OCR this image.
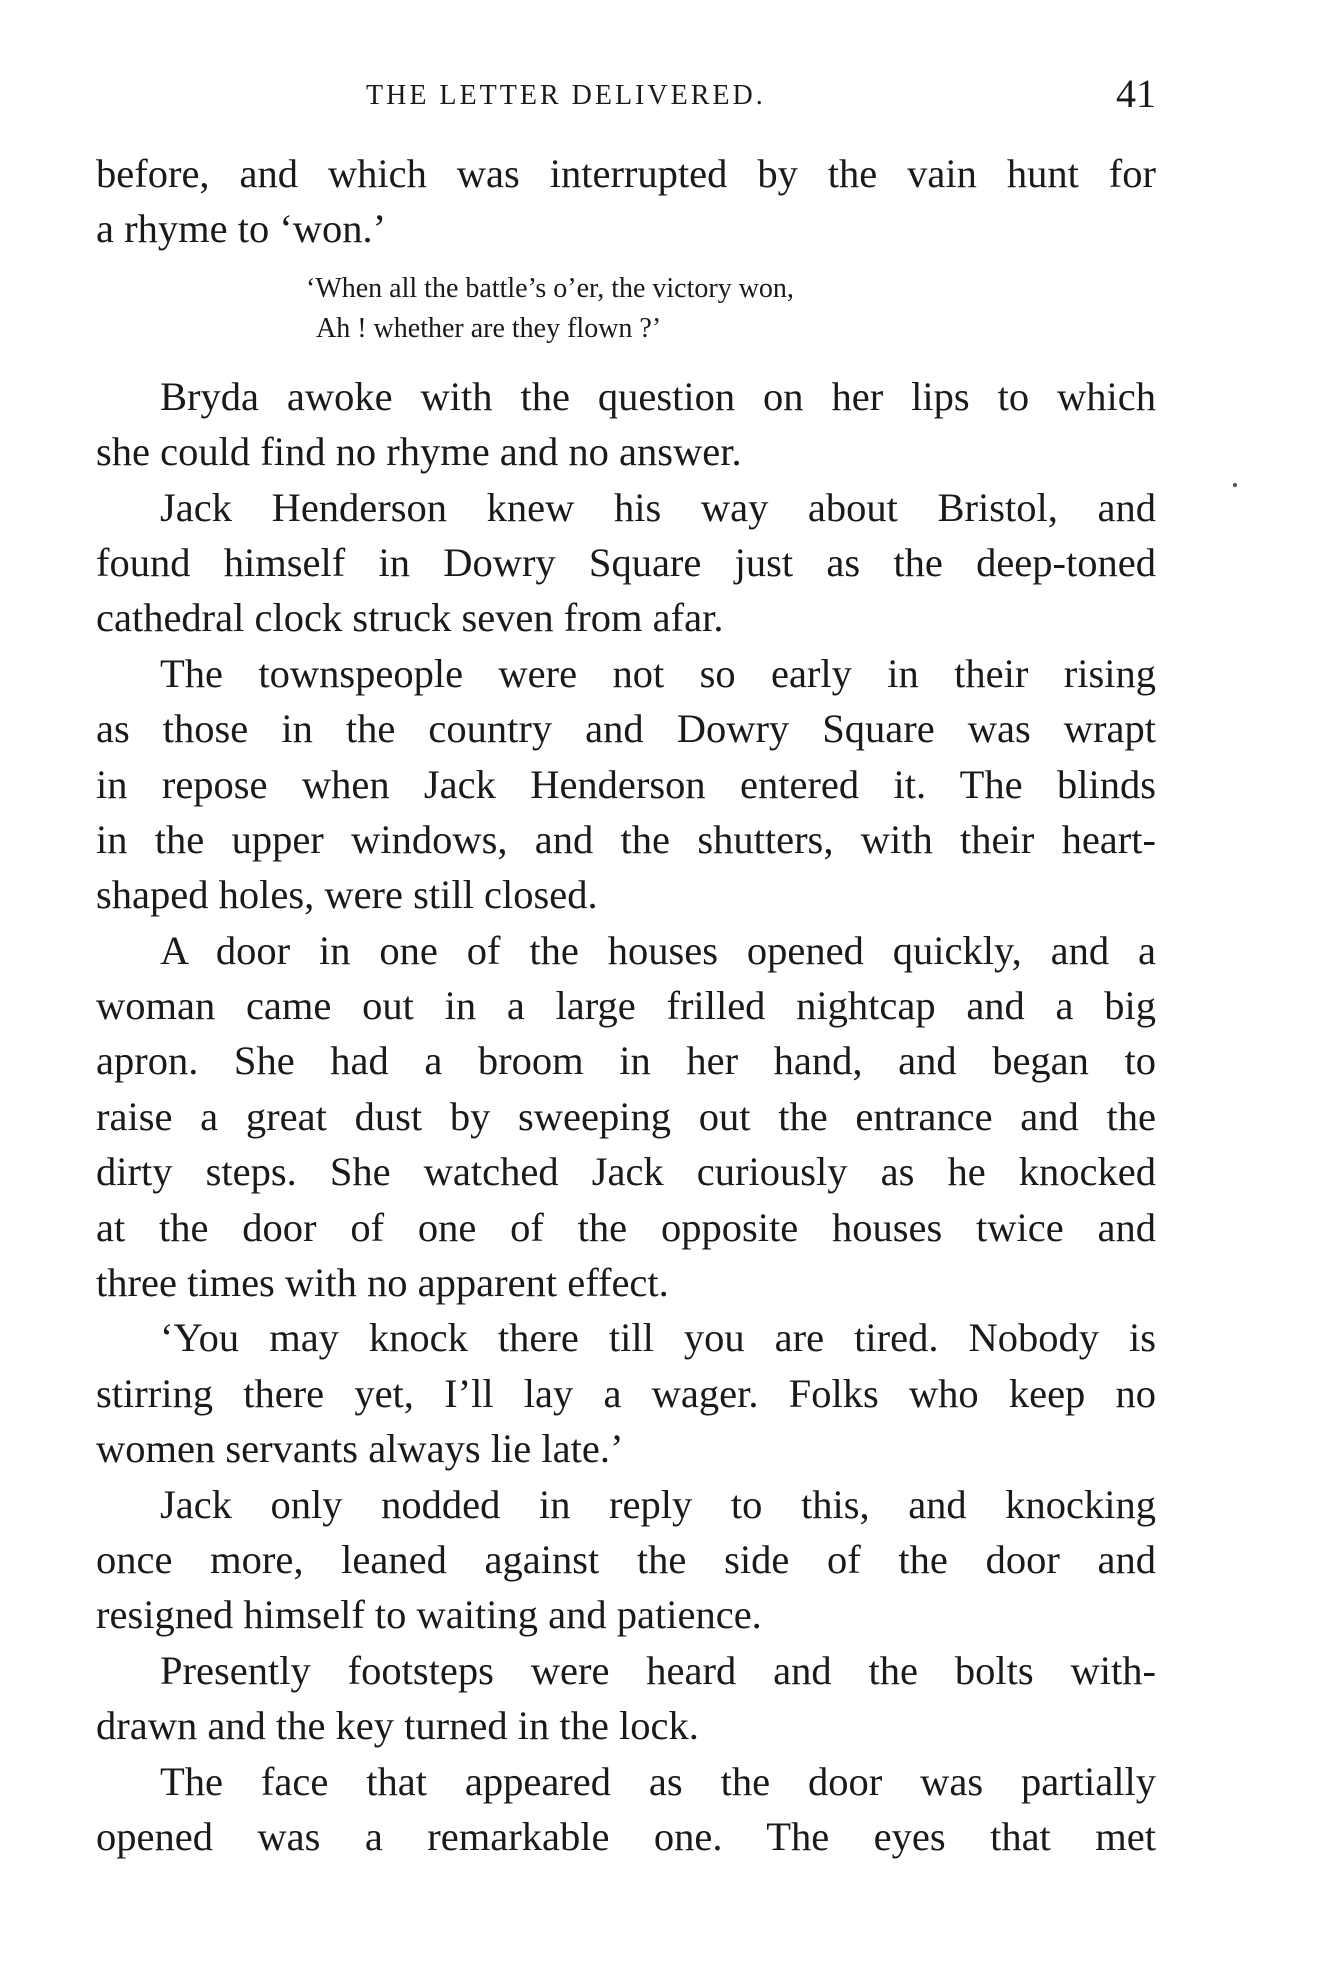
THE LETTER DELIVERED.	41
before, and which was interrupted by the vain hunt for
a rhyme to ‘won.’
‘When all the battle’s o’er, the victory won,
Ah ! whether are they flown ?’
Bryda awoke with the question on her lips to which
she could find no rhyme and no answer.
Jack Henderson knew his way about Bristol, and
found himself in Dowry Square just as the deep-toned
cathedral clock struck seven from afar.
The townspeople were not so early in their rising
as those in the country and Dowry Square was wrapt
in repose when Jack Henderson entered it. The blinds
in the upper windows, and the shutters, with their heart-
shaped holes, were still closed.
A door in one of the houses opened quickly, and a
woman came out in a large frilled nightcap and a big
apron. She had a broom in her hand, and began to
raise a great dust by sweeping out the entrance and the
dirty steps. She watched Jack curiously as he knocked
at the door of one of the opposite houses twice and
three times with no apparent effect.
‘You may knock there till you are tired. Nobody is
stirring there yet, I’ll lay a wager. Folks who keep no
women servants always lie late.’
Jack only nodded in reply to this, and knocking
once more, leaned against the side of the door and
resigned himself to waiting and patience.
Presently footsteps were heard and the bolts with-
drawn and the key turned in the lock.
The face that appeared as the door was partially
opened was a remarkable one. The eyes that met
